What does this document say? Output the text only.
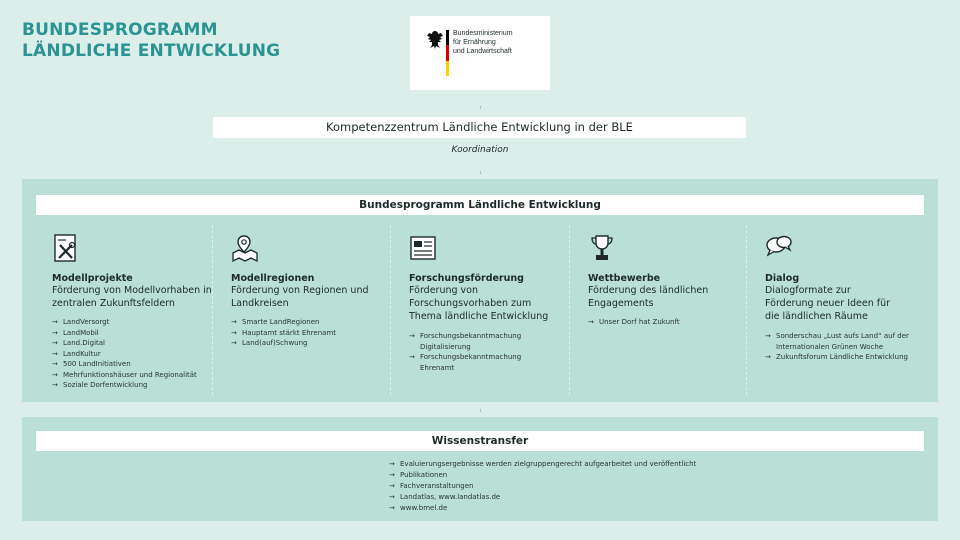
BUNDESPROGRAMM
LÄNDLICHE ENTWICKLUNG
Bundesministerium
für Ernährung
und Landwirtschaft
Kompetenzzentrum Ländliche Entwicklung in der BLE
Koordination
Bundesprogramm Ländliche Entwicklung
Modellprojekte
Förderung von Modellvorhaben in zentralen Zukunftsfeldern
→ LandVersorgt
→ LandMobil
→ Land.Digital
→ LandKultur
→ 500 LandInitiativen
→ Mehrfunktionshäuser und Regionalität
→ Soziale Dorfentwicklung
Modellregionen
Förderung von Regionen und Landkreisen
→ Smarte LandRegionen
→ Hauptamt stärkt Ehrenamt
→ Land(auf)Schwung
Forschungsförderung
Förderung von Forschungsvorhaben zum Thema ländliche Entwicklung
→ Forschungsbekanntmachung Digitalisierung
→ Forschungsbekanntmachung Ehrenamt
Wettbewerbe
Förderung des ländlichen Engagements
→ Unser Dorf hat Zukunft
Dialog
Dialogformate zur Förderung neuer Ideen für die ländlichen Räume
→ Sonderschau „Lust aufs Land“ auf der Internationalen Grünen Woche
→ Zukunftsforum Ländliche Entwicklung
Wissenstransfer
→ Evaluierungsergebnisse werden zielgruppengerecht aufgearbeitet und veröffentlicht
→ Publikationen
→ Fachveranstaltungen
→ Landatlas, www.landatlas.de
→ www.bmel.de
